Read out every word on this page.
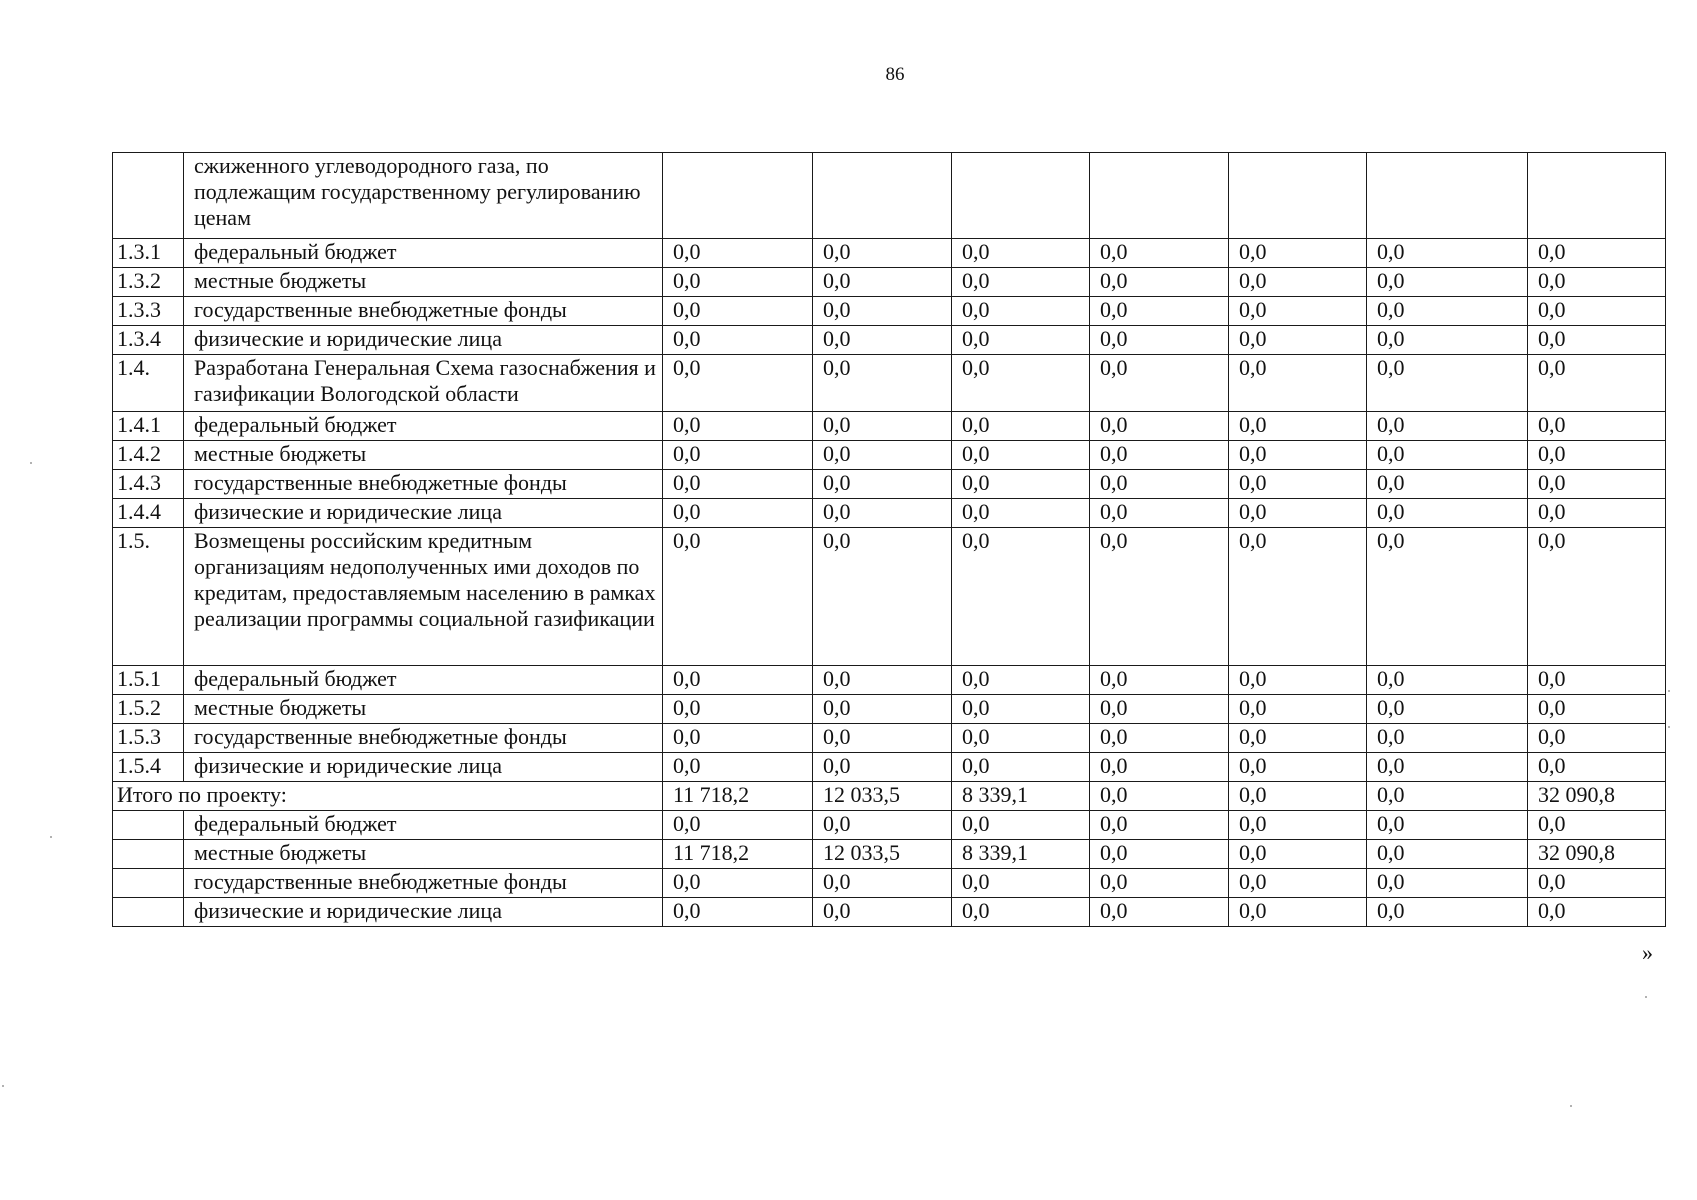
86
	сжиженного углеводородного газа, по подлежащим государственному регулированию ценам							
1.3.1	федеральный бюджет	0,0	0,0	0,0	0,0	0,0	0,0	0,0
1.3.2	местные бюджеты	0,0	0,0	0,0	0,0	0,0	0,0	0,0
1.3.3	государственные внебюджетные фонды	0,0	0,0	0,0	0,0	0,0	0,0	0,0
1.3.4	физические и юридические лица	0,0	0,0	0,0	0,0	0,0	0,0	0,0
1.4.	Разработана Генеральная Схема газоснабжения и газификации Вологодской области	0,0	0,0	0,0	0,0	0,0	0,0	0,0
1.4.1	федеральный бюджет	0,0	0,0	0,0	0,0	0,0	0,0	0,0
1.4.2	местные бюджеты	0,0	0,0	0,0	0,0	0,0	0,0	0,0
1.4.3	государственные внебюджетные фонды	0,0	0,0	0,0	0,0	0,0	0,0	0,0
1.4.4	физические и юридические лица	0,0	0,0	0,0	0,0	0,0	0,0	0,0
1.5.	Возмещены российским кредитным организациям недополученных ими доходов по кредитам, предоставляемым населению в рамках реализации программы социальной газификации	0,0	0,0	0,0	0,0	0,0	0,0	0,0
1.5.1	федеральный бюджет	0,0	0,0	0,0	0,0	0,0	0,0	0,0
1.5.2	местные бюджеты	0,0	0,0	0,0	0,0	0,0	0,0	0,0
1.5.3	государственные внебюджетные фонды	0,0	0,0	0,0	0,0	0,0	0,0	0,0
1.5.4	физические и юридические лица	0,0	0,0	0,0	0,0	0,0	0,0	0,0
Итого по проекту:		11 718,2	12 033,5	8 339,1	0,0	0,0	0,0	32 090,8
	федеральный бюджет	0,0	0,0	0,0	0,0	0,0	0,0	0,0
	местные бюджеты	11 718,2	12 033,5	8 339,1	0,0	0,0	0,0	32 090,8
	государственные внебюджетные фонды	0,0	0,0	0,0	0,0	0,0	0,0	0,0
	физические и юридические лица	0,0	0,0	0,0	0,0	0,0	0,0	0,0
»
